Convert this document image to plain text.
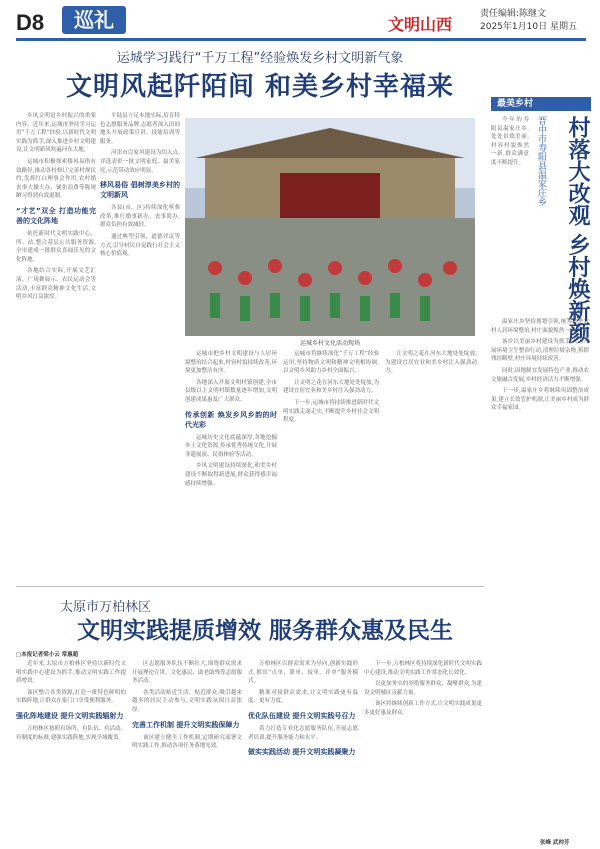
D8	巡礼	文明山西
责任编辑:陈继文
2025年1月10日 星期五
运城学习践行“千万工程”经验焕发乡村文明新气象
文明风起阡陌间 和美乡村幸福来

乡风文明是乡村振兴的重要内容。近年来,运城市坚持学习运用“千万工程”经验,以新时代文明实践为抓手,深入推进乡村文明建设,让文明新风吹遍河东大地。

运城市积极探索移风易俗有效路径,推动各村修订完善村规民约,发挥红白理事会作用,农村婚丧事大操大办、铺张浪费等陈规陋习得到有效遏制。

“才艺”双全 打造功能完善的文化阵地

依托新时代文明实践中心、所、站,整合基层公共服务资源,全市建成一批群众喜闻乐见的文化阵地。

各地结合实际,开展文艺汇演、广场舞展示、农民运动会等活动,丰富群众精神文化生活,文明乡风日益浓厚。

平陆县立足本地实际,培育特色志愿服务品牌,志愿者深入田间地头开展政策宣讲、技能培训等服务。

河津市以家风建设为切入点,评选表彰一批文明家庭、最美家庭,示范带动效应明显。

移风易俗 倡树淳美乡村的文明新风

各县(市、区)持续深化殡葬改革,推行婚事新办、丧事简办,群众负担有效减轻。

通过典型引领、道德评议等方式,引导村民自觉践行社会主义核心价值观。

运城乡村文化活动现场

运城市把乡村文明建设与人居环境整治结合起来,村容村貌持续改善,环境更加整洁有序。

各地深入开展文明村镇创建,全市县级以上文明村镇数量逐年增加,文明创建成果惠及广大群众。

传承创新 焕发乡风乡韵的时代光彩

运城历史文化底蕴深厚,各地挖掘乡土文化资源,传承优秀传统文化,开展非遗展演、民俗体验等活动。

乡风文明建设持续深化,和美乡村建设不断取得新进展,群众获得感幸福感持续增强。

运城市将继续深化“千万工程”经验运用,坚持物质文明和精神文明相协调,以文明乡风助力乡村全面振兴。

让文明之花在河东大地处处绽放,为建设宜居宜业和美乡村注入强劲动力。

下一步,运城市将持续推进新时代文明实践走深走实,不断提升乡村社会文明程度。

让文明之花在河东大地处处绽放,为建设宜居宜业和美乡村注入强劲动力。

最美乡村
村落大改观 乡村焕新颜
晋中市寿阳县温家庄乡

今年的寿阳县温家庄乡,处处景致美丽,村容村貌焕然一新,群众满意度不断提升。

温家庄乡坚持规划引领,统筹推进农村人居环境整治,村庄面貌焕然一新。

该乡以美丽乡村建设为抓手,大力开展环境卫生整治行动,清理垃圾杂物,拆除残垣断壁,村庄环境持续改善。

同时,因地制宜发展特色产业,推动农文旅融合发展,乡村经济活力不断增强。

下一步,温家庄乡将继续巩固整治成果,建立长效管护机制,让美丽乡村成为群众幸福家园。

张峰 武帅芳
太原市万柏林区
文明实践提质增效 服务群众惠及民生
□本报记者梁小云 常惠超

近年来,太原市万柏林区坚持以新时代文明实践中心建设为抓手,推动文明实践工作提质增效。

该区整合各类资源,打造一批特色鲜明的实践阵地,让群众在家门口享受便利服务。

强化阵地建设 提升文明实践辐射力

万柏林区按照有场所、有队伍、有活动、有制度的标准,建强实践阵地,实现全域覆盖。

区志愿服务队伍不断壮大,围绕群众需求开展理论宣讲、文化惠民、助老助残等志愿服务活动。

各类活动贴近生活、贴近群众,吸引越来越多的居民主动参与,文明实践氛围日益浓厚。

完善工作机制 提升文明实践保障力

该区建立健全工作机制,定期研究部署文明实践工作,推动各项任务落地见效。

万柏林区以群众需求为导向,创新实践形式,推出“点单、派单、接单、评单”服务模式。

精准对接群众需求,让文明实践更有温度、更有力度。

优化队伍建设 提升文明实践号召力

着力打造专业化志愿服务队伍,开展志愿者培训,提升服务能力和水平。

做实实践活动 提升文明实践凝聚力

下一步,万柏林区将持续深化新时代文明实践中心建设,推动文明实践工作常态化长效化。

以更加务实的举措服务群众、凝聚群众,为建设文明城区贡献力量。

该区将继续创新工作方式,让文明实践成果更多更好惠及群众。
